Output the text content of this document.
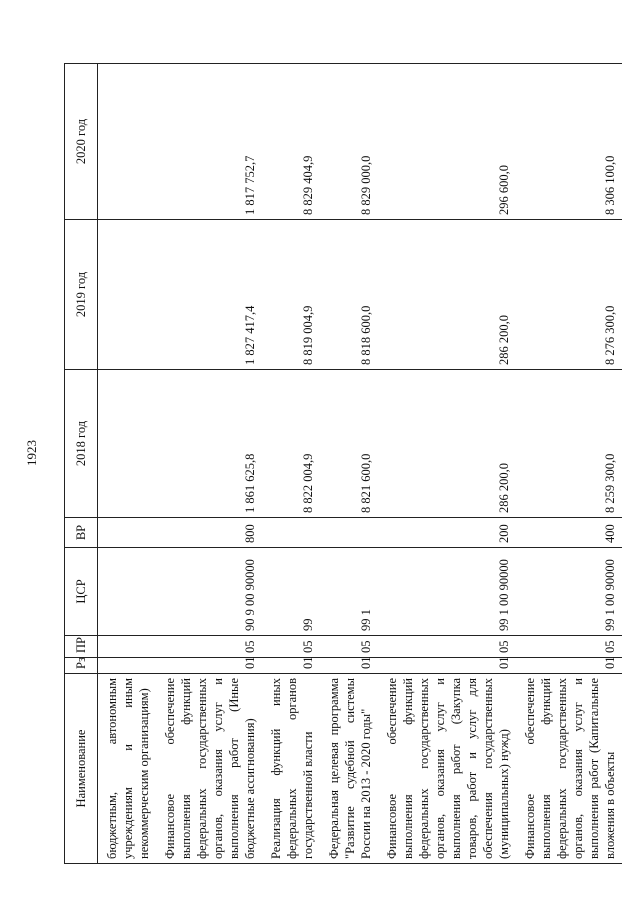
1923
Наименование	Рз	ПР	ЦСР	ВР	2018 год	2019 год	2020 год
бюджетным, автономным учреждениям и иным некоммерческим организациям)							
Финансовое обеспечение выполнения функций федеральных государственных органов, оказания услуг и выполнения работ (Иные бюджетные ассигнования)	01	05	90 9 00 90000	800	1 861 625,8	1 827 417,4	1 817 752,7
Реализация функций иных федеральных органов государственной власти	01	05	99		8 822 004,9	8 819 004,9	8 829 404,9
Федеральная целевая программа "Развитие судебной системы России на 2013 - 2020 годы"	01	05	99 1		8 821 600,0	8 818 600,0	8 829 000,0
Финансовое обеспечение выполнения функций федеральных государственных органов, оказания услуг и выполнения работ (Закупка товаров, работ и услуг для обеспечения государственных (муниципальных) нужд)	01	05	99 1 00 90000	200	286 200,0	286 200,0	296 600,0
Финансовое обеспечение выполнения функций федеральных государственных органов, оказания услуг и выполнения работ (Капитальные вложения в объекты	01	05	99 1 00 90000	400	8 259 300,0	8 276 300,0	8 306 100,0
